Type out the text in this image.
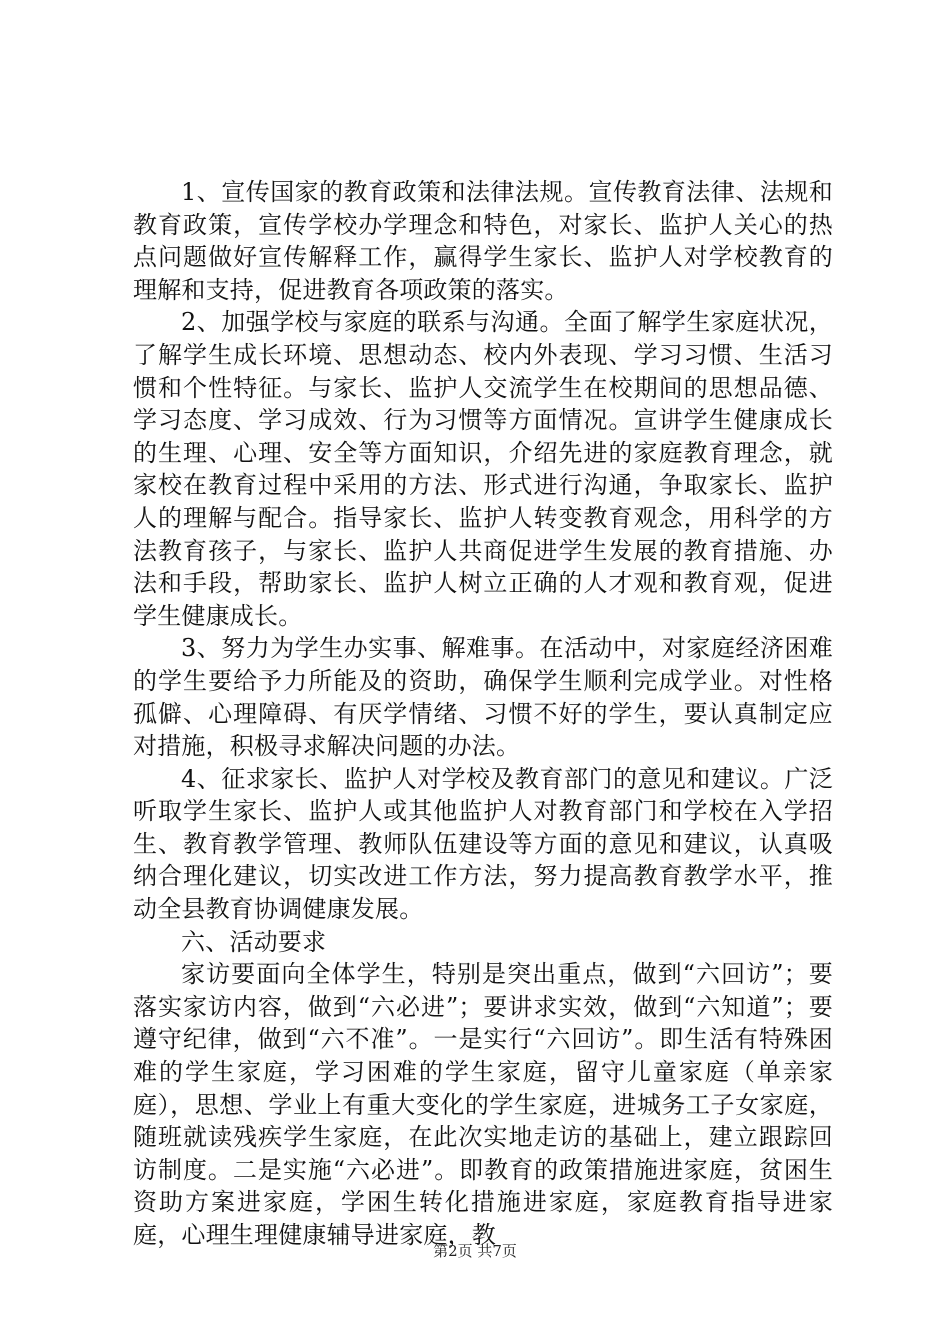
1、宣传国家的教育政策和法律法规。宣传教育法律、法规和教育政策，宣传学校办学理念和特色，对家长、监护人关心的热点问题做好宣传解释工作，赢得学生家长、监护人对学校教育的理解和支持，促进教育各项政策的落实。

2、加强学校与家庭的联系与沟通。全面了解学生家庭状况，了解学生成长环境、思想动态、校内外表现、学习习惯、生活习惯和个性特征。与家长、监护人交流学生在校期间的思想品德、学习态度、学习成效、行为习惯等方面情况。宣讲学生健康成长的生理、心理、安全等方面知识，介绍先进的家庭教育理念，就家校在教育过程中采用的方法、形式进行沟通，争取家长、监护人的理解与配合。指导家长、监护人转变教育观念，用科学的方法教育孩子，与家长、监护人共商促进学生发展的教育措施、办法和手段，帮助家长、监护人树立正确的人才观和教育观，促进学生健康成长。

3、努力为学生办实事、解难事。在活动中，对家庭经济困难的学生要给予力所能及的资助，确保学生顺利完成学业。对性格孤僻、心理障碍、有厌学情绪、习惯不好的学生，要认真制定应对措施，积极寻求解决问题的办法。

4、征求家长、监护人对学校及教育部门的意见和建议。广泛听取学生家长、监护人或其他监护人对教育部门和学校在入学招生、教育教学管理、教师队伍建设等方面的意见和建议，认真吸纳合理化建议，切实改进工作方法，努力提高教育教学水平，推动全县教育协调健康发展。

六、活动要求

家访要面向全体学生，特别是突出重点，做到“六回访”；要落实家访内容，做到“六必进”；要讲求实效，做到“六知道”；要遵守纪律，做到“六不准”。一是实行“六回访”。即生活有特殊困难的学生家庭，学习困难的学生家庭，留守儿童家庭（单亲家庭），思想、学业上有重大变化的学生家庭，进城务工子女家庭，随班就读残疾学生家庭，在此次实地走访的基础上，建立跟踪回访制度。二是实施“六必进”。即教育的政策措施进家庭，贫困生资助方案进家庭，学困生转化措施进家庭，家庭教育指导进家庭，心理生理健康辅导进家庭，教

第2页 共7页
